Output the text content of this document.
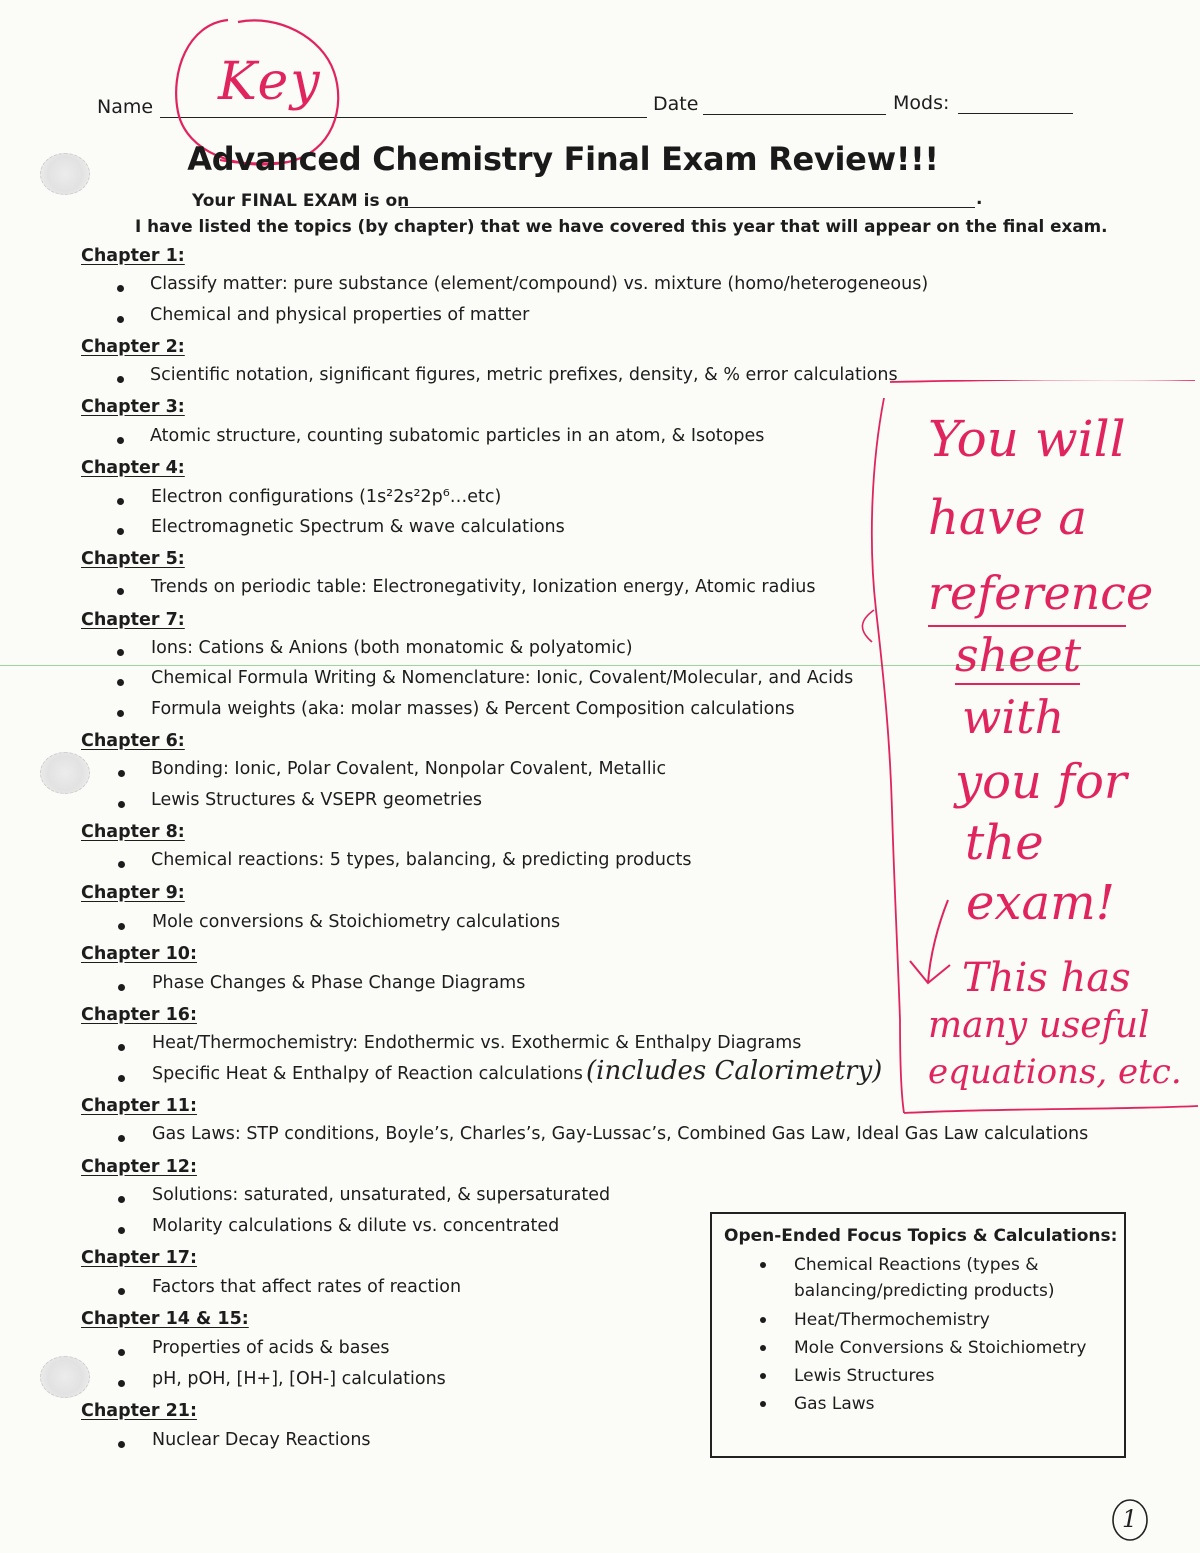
Name	Date	Mods:
Key
Advanced Chemistry Final Exam Review!!!
Your FINAL EXAM is on	.
I have listed the topics (by chapter) that we have covered this year that will appear on the final exam.
Chapter 1:
Classify matter: pure substance (element/compound) vs. mixture (homo/heterogeneous)
Chemical and physical properties of matter
Chapter 2:
Scientific notation, significant figures, metric prefixes, density, & % error calculations
Chapter 3:
Atomic structure, counting subatomic particles in an atom, & Isotopes
Chapter 4:
Electron configurations (1s²2s²2p⁶…etc)
Electromagnetic Spectrum & wave calculations
Chapter 5:
Trends on periodic table: Electronegativity, Ionization energy, Atomic radius
Chapter 7:
Ions: Cations & Anions (both monatomic & polyatomic)
Chemical Formula Writing & Nomenclature: Ionic, Covalent/Molecular, and Acids
Formula weights (aka: molar masses) & Percent Composition calculations
Chapter 6:
Bonding: Ionic, Polar Covalent, Nonpolar Covalent, Metallic
Lewis Structures & VSEPR geometries
Chapter 8:
Chemical reactions: 5 types, balancing, & predicting products
Chapter 9:
Mole conversions & Stoichiometry calculations
Chapter 10:
Phase Changes & Phase Change Diagrams
Chapter 16:
Heat/Thermochemistry: Endothermic vs. Exothermic & Enthalpy Diagrams
Specific Heat & Enthalpy of Reaction calculations (includes Calorimetry)
Chapter 11:
Gas Laws: STP conditions, Boyle’s, Charles’s, Gay-Lussac’s, Combined Gas Law, Ideal Gas Law calculations
Chapter 12:
Solutions: saturated, unsaturated, & supersaturated
Molarity calculations & dilute vs. concentrated
Chapter 17:
Factors that affect rates of reaction
Chapter 14 & 15:
Properties of acids & bases
pH, pOH, [H+], [OH-] calculations
Chapter 21:
Nuclear Decay Reactions
You will
have a
reference
sheet
with
you for
the
exam!
This has
many useful
equations, etc.
Open-Ended Focus Topics & Calculations:
Chemical Reactions (types &
balancing/predicting products)
Heat/Thermochemistry
Mole Conversions & Stoichiometry
Lewis Structures
Gas Laws
1
